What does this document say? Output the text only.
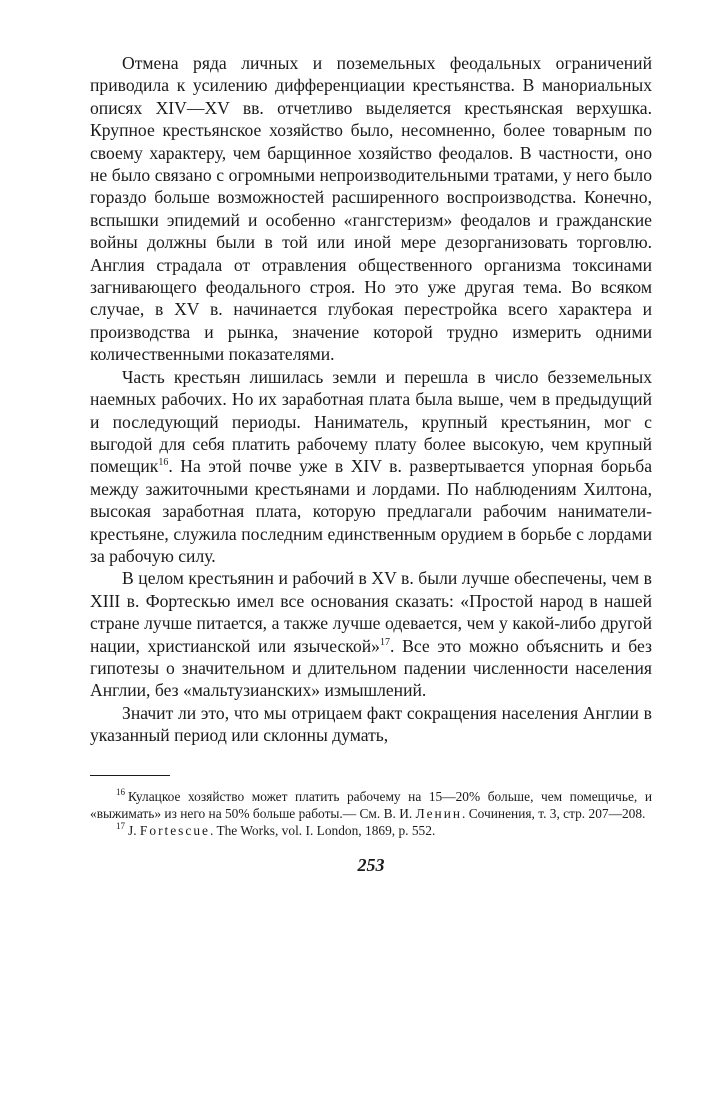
Отмена ряда личных и поземельных феодальных ограничений приводила к усилению дифференциации крестьянства. В манориальных описях XIV—XV вв. отчетливо выделяется крестьянская верхушка. Крупное крестьянское хозяйство было, несомненно, более товарным по своему характеру, чем барщинное хозяйство феодалов. В частности, оно не было связано с огромными непроизводительными тратами, у него было гораздо больше возможностей расширенного воспроизводства. Конечно, вспышки эпидемий и особенно «гангстеризм» феодалов и гражданские войны должны были в той или иной мере дезорганизовать торговлю. Англия страдала от отравления общественного организма токсинами загнивающего феодального строя. Но это уже другая тема. Во всяком случае, в XV в. начинается глубокая перестройка всего характера и производства и рынка, значение которой трудно измерить одними количественными показателями.

Часть крестьян лишилась земли и перешла в число безземельных наемных рабочих. Но их заработная плата была выше, чем в предыдущий и последующий периоды. Наниматель, крупный крестьянин, мог с выгодой для себя платить рабочему плату более высокую, чем крупный помещик$^{16}$. На этой почве уже в XIV в. развертывается упорная борьба между зажиточными крестьянами и лордами. По наблюдениям Хилтона, высокая заработная плата, которую предлагали рабочим наниматели-крестьяне, служила последним единственным орудием в борьбе с лордами за рабочую силу.

В целом крестьянин и рабочий в XV в. были лучше обеспечены, чем в XIII в. Фортескью имел все основания сказать: «Простой народ в нашей стране лучше питается, а также лучше одевается, чем у какой-либо другой нации, христианской или языческой»$^{17}$. Все это можно объяснить и без гипотезы о значительном и длительном падении численности населения Англии, без «мальтузианских» измышлений.

Значит ли это, что мы отрицаем факт сокращения населения Англии в указанный период или склонны думать,

$^{16}$ Кулацкое хозяйство может платить рабочему на 15—20% больше, чем помещичье, и «выжимать» из него на 50% больше работы.— См. В. И. Ленин. Сочинения, т. 3, стр. 207—208.

$^{17}$ J. Fortescue. The Works, vol. I. London, 1869, p. 552.

253
